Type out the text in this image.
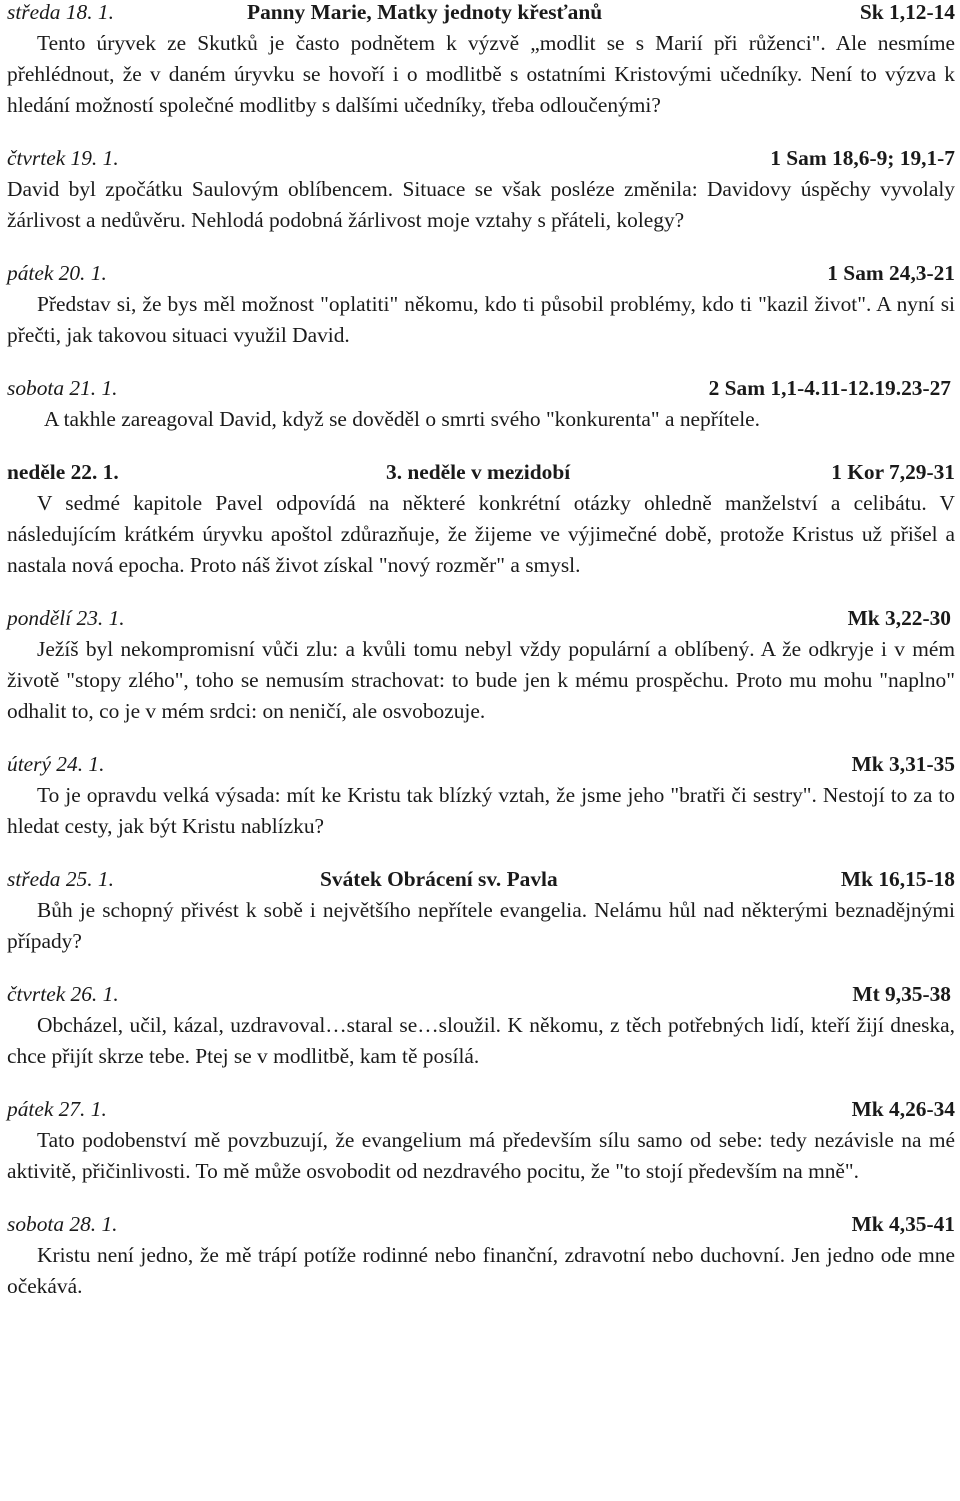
středa 18. 1.	Panny Marie, Matky jednoty křesťanů	Sk 1,12-14
Tento úryvek ze Skutků je často podnětem k výzvě „modlit se s Marií při růženci". Ale nesmíme přehlédnout, že v daném úryvku se hovoří i o modlitbě s ostatními Kristovými učedníky. Není to výzva k hledání možností společné modlitby s dalšími učedníky, třeba odloučenými?
čtvrtek 19. 1.	1 Sam 18,6-9; 19,1-7
David byl zpočátku Saulovým oblíbencem. Situace se však posléze změnila: Davidovy úspěchy vyvolaly žárlivost a nedůvěru. Nehlodá podobná žárlivost moje vztahy s přáteli, kolegy?
pátek 20. 1.	1 Sam 24,3-21
Představ si, že bys měl možnost "oplatiti" někomu, kdo ti působil problémy, kdo ti "kazil život". A nyní si přečti, jak takovou situaci využil David.
sobota 21. 1.	2 Sam 1,1-4.11-12.19.23-27
A takhle zareagoval David, když se dověděl o smrti svého "konkurenta" a nepřítele.
neděle 22. 1.	3. neděle v mezidobí	1 Kor 7,29-31
V sedmé kapitole Pavel odpovídá na některé konkrétní otázky ohledně manželství a celibátu. V následujícím krátkém úryvku apoštol zdůrazňuje, že žijeme ve výjimečné době, protože Kristus už přišel a nastala nová epocha. Proto náš život získal "nový rozměr" a smysl.
pondělí 23. 1.	Mk 3,22-30
Ježíš byl nekompromisní vůči zlu: a kvůli tomu nebyl vždy populární a oblíbený. A že odkryje i v mém životě "stopy zlého", toho se nemusím strachovat: to bude jen k mému prospěchu. Proto mu mohu "naplno" odhalit to, co je v mém srdci: on neničí, ale osvobozuje.
úterý 24. 1.	Mk 3,31-35
To je opravdu velká výsada: mít ke Kristu tak blízký vztah, že jsme jeho "bratři či sestry". Nestojí to za to hledat cesty, jak být Kristu nablízku?
středa 25. 1.	Svátek Obrácení sv. Pavla	Mk 16,15-18
Bůh je schopný přivést k sobě i největšího nepřítele evangelia. Nelámu hůl nad některými beznadějnými případy?
čtvrtek 26. 1.	Mt 9,35-38
Obcházel, učil, kázal, uzdravoval…staral se…sloužil. K někomu, z těch potřebných lidí, kteří žijí dneska, chce přijít skrze tebe. Ptej se v modlitbě, kam tě posílá.
pátek 27. 1.	Mk 4,26-34
Tato podobenství mě povzbuzují, že evangelium má především sílu samo od sebe: tedy nezávisle na mé aktivitě, přičinlivosti. To mě může osvobodit od nezdravého pocitu, že "to stojí především na mně".
sobota 28. 1.	Mk 4,35-41
Kristu není jedno, že mě trápí potíže rodinné nebo finanční, zdravotní nebo duchovní. Jen jedno ode mne očekává.
